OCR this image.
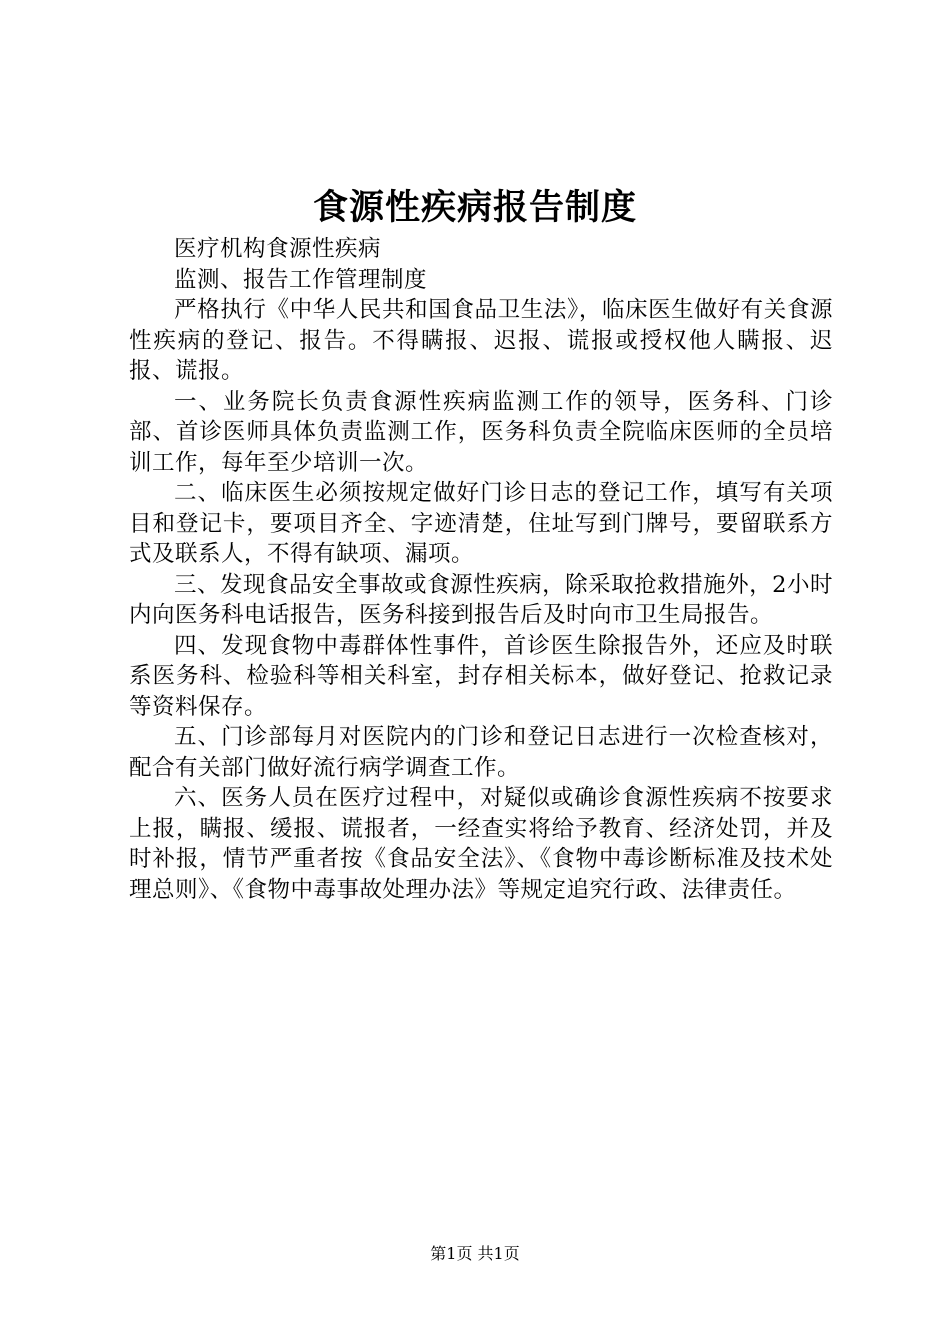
食源性疾病报告制度

医疗机构食源性疾病

监测、报告工作管理制度

严格执行《中华人民共和国食品卫生法》，临床医生做好有关食源性疾病的登记、报告。不得瞒报、迟报、谎报或授权他人瞒报、迟报、谎报。

一、业务院长负责食源性疾病监测工作的领导，医务科、门诊部、首诊医师具体负责监测工作，医务科负责全院临床医师的全员培训工作，每年至少培训一次。

二、临床医生必须按规定做好门诊日志的登记工作，填写有关项目和登记卡，要项目齐全、字迹清楚，住址写到门牌号，要留联系方式及联系人，不得有缺项、漏项。

三、发现食品安全事故或食源性疾病，除采取抢救措施外，2小时内向医务科电话报告，医务科接到报告后及时向市卫生局报告。

四、发现食物中毒群体性事件，首诊医生除报告外，还应及时联系医务科、检验科等相关科室，封存相关标本，做好登记、抢救记录等资料保存。

五、门诊部每月对医院内的门诊和登记日志进行一次检查核对，配合有关部门做好流行病学调查工作。

六、医务人员在医疗过程中，对疑似或确诊食源性疾病不按要求上报，瞒报、缓报、谎报者，一经查实将给予教育、经济处罚，并及时补报，情节严重者按《食品安全法》、《食物中毒诊断标准及技术处理总则》、《食物中毒事故处理办法》等规定追究行政、法律责任。

第1页 共1页
